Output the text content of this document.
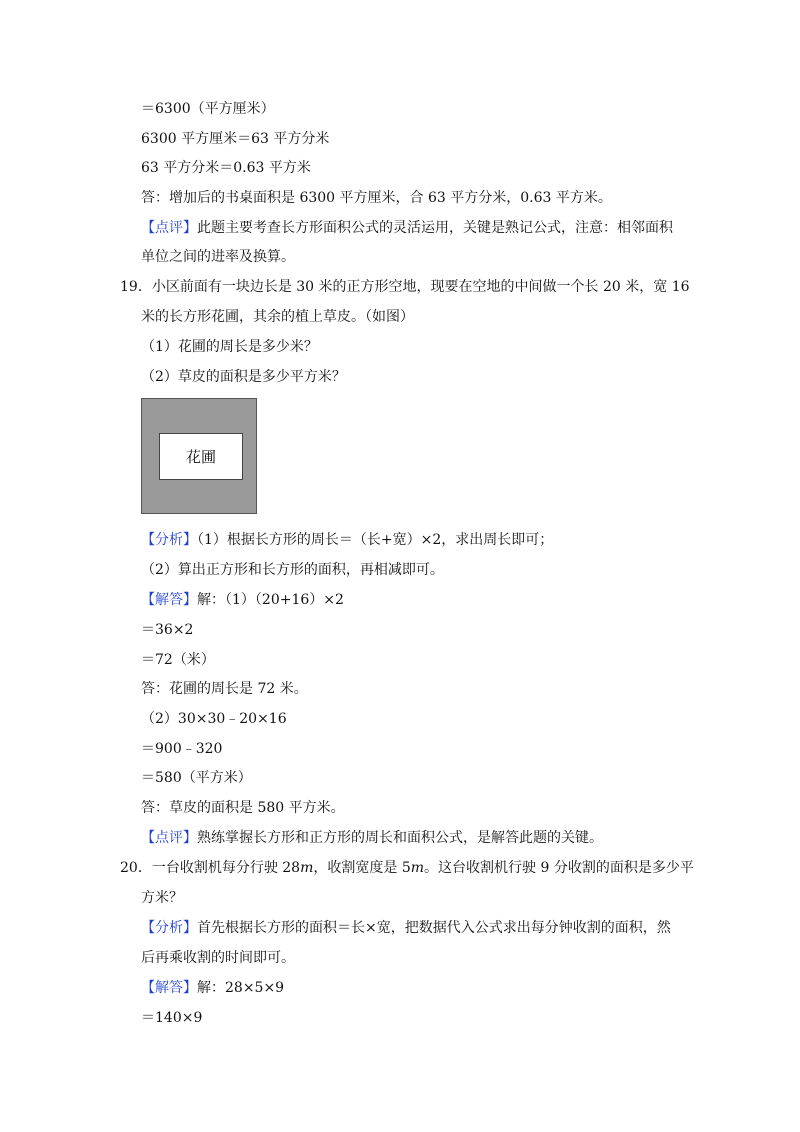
＝6300（平方厘米）
6300 平方厘米＝63 平方分米
63 平方分米＝0.63 平方米
答：增加后的书桌面积是 6300 平方厘米，合 63 平方分米，0.63 平方米。
【点评】此题主要考查长方形面积公式的灵活运用，关键是熟记公式，注意：相邻面积
单位之间的进率及换算。
19．小区前面有一块边长是 30 米的正方形空地，现要在空地的中间做一个长 20 米，宽 16
米的长方形花圃，其余的植上草皮。（如图）
（1）花圃的周长是多少米？
（2）草皮的面积是多少平方米？
花圃
【分析】（1）根据长方形的周长＝（长+宽）×2，求出周长即可；
（2）算出正方形和长方形的面积，再相减即可。
【解答】解：（1）（20+16）×2
＝36×2
＝72（米）
答：花圃的周长是 72 米。
（2）30×30﹣20×16
＝900﹣320
＝580（平方米）
答：草皮的面积是 580 平方米。
【点评】熟练掌握长方形和正方形的周长和面积公式，是解答此题的关键。
20．一台收割机每分行驶 28m，收割宽度是 5m。这台收割机行驶 9 分收割的面积是多少平
方米？
【分析】首先根据长方形的面积＝长×宽，把数据代入公式求出每分钟收割的面积，然
后再乘收割的时间即可。
【解答】解：28×5×9
＝140×9
